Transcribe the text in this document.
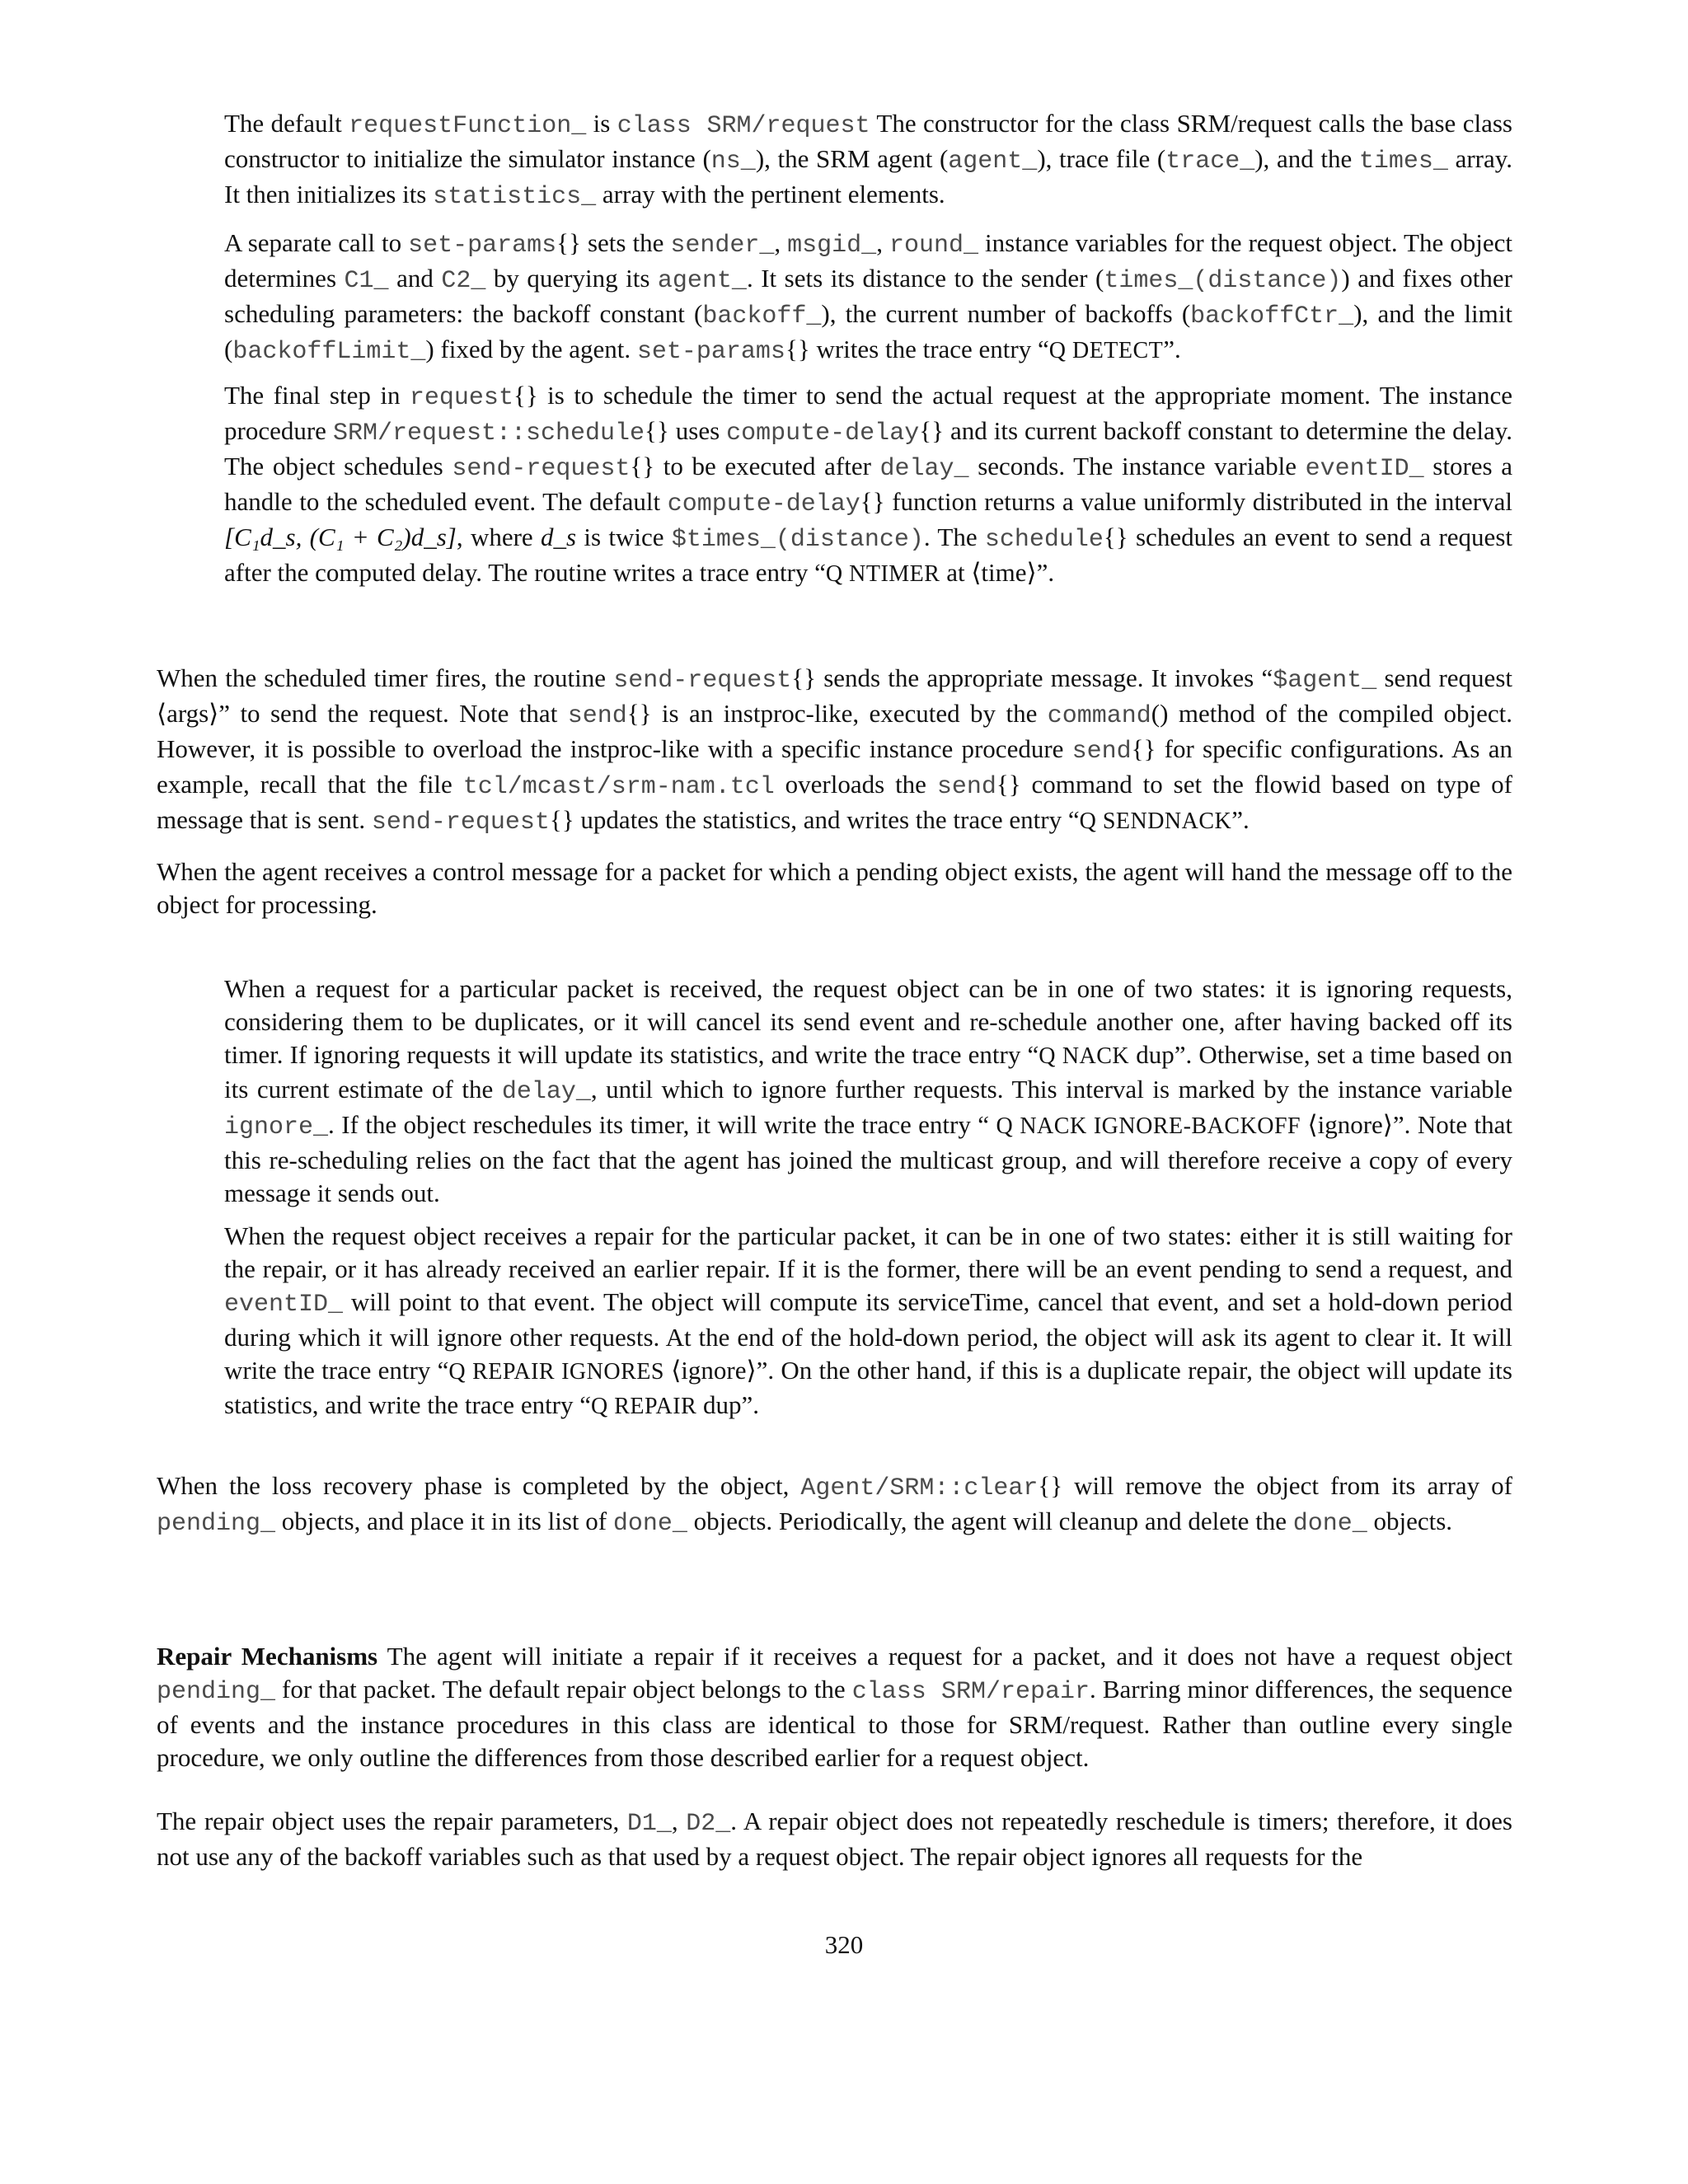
The default requestFunction_ is class SRM/request The constructor for the class SRM/request calls the base class constructor to initialize the simulator instance (ns_), the SRM agent (agent_), trace file (trace_), and the times_ array. It then initializes its statistics_ array with the pertinent elements.

A separate call to set-params{} sets the sender_, msgid_, round_ instance variables for the request object. The object determines C1_ and C2_ by querying its agent_. It sets its distance to the sender (times_(distance)) and fixes other scheduling parameters: the backoff constant (backoff_), the current number of backoffs (backoffCtr_), and the limit (backoffLimit_) fixed by the agent. set-params{} writes the trace entry “Q DETECT”.

The final step in request{} is to schedule the timer to send the actual request at the appropriate moment. The instance procedure SRM/request::schedule{} uses compute-delay{} and its current backoff constant to determine the delay. The object schedules send-request{} to be executed after delay_ seconds. The instance variable eventID_ stores a handle to the scheduled event. The default compute-delay{} function returns a value uniformly distributed in the interval [C₁d_s, (C₁ + C₂)d_s], where d_s is twice $times_(distance). The schedule{} schedules an event to send a request after the computed delay. The routine writes a trace entry “Q NTIMER at ⟨time⟩”.

When the scheduled timer fires, the routine send-request{} sends the appropriate message. It invokes “$agent_ send request ⟨args⟩” to send the request. Note that send{} is an instproc-like, executed by the command() method of the compiled object. However, it is possible to overload the instproc-like with a specific instance procedure send{} for specific configurations. As an example, recall that the file tcl/mcast/srm-nam.tcl overloads the send{} command to set the flowid based on type of message that is sent. send-request{} updates the statistics, and writes the trace entry “Q SENDNACK”.

When the agent receives a control message for a packet for which a pending object exists, the agent will hand the message off to the object for processing.

When a request for a particular packet is received, the request object can be in one of two states: it is ignoring requests, considering them to be duplicates, or it will cancel its send event and re-schedule another one, after having backed off its timer. If ignoring requests it will update its statistics, and write the trace entry “Q NACK dup”. Otherwise, set a time based on its current estimate of the delay_, until which to ignore further requests. This interval is marked by the instance variable ignore_. If the object reschedules its timer, it will write the trace entry “ Q NACK IGNORE-BACKOFF ⟨ignore⟩”. Note that this re-scheduling relies on the fact that the agent has joined the multicast group, and will therefore receive a copy of every message it sends out.

When the request object receives a repair for the particular packet, it can be in one of two states: either it is still waiting for the repair, or it has already received an earlier repair. If it is the former, there will be an event pending to send a request, and eventID_ will point to that event. The object will compute its serviceTime, cancel that event, and set a hold-down period during which it will ignore other requests. At the end of the hold-down period, the object will ask its agent to clear it. It will write the trace entry “Q REPAIR IGNORES ⟨ignore⟩”. On the other hand, if this is a duplicate repair, the object will update its statistics, and write the trace entry “Q REPAIR dup”.

When the loss recovery phase is completed by the object, Agent/SRM::clear{} will remove the object from its array of pending_ objects, and place it in its list of done_ objects. Periodically, the agent will cleanup and delete the done_ objects.

Repair Mechanisms The agent will initiate a repair if it receives a request for a packet, and it does not have a request object pending_ for that packet. The default repair object belongs to the class SRM/repair. Barring minor differences, the sequence of events and the instance procedures in this class are identical to those for SRM/request. Rather than outline every single procedure, we only outline the differences from those described earlier for a request object.

The repair object uses the repair parameters, D1_, D2_. A repair object does not repeatedly reschedule is timers; therefore, it does not use any of the backoff variables such as that used by a request object. The repair object ignores all requests for the

320
